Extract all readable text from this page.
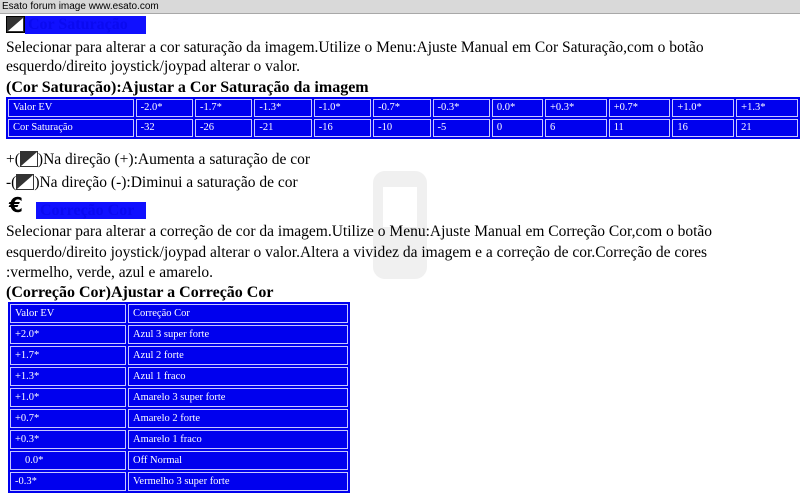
Esato forum image www.esato.com
Cor Saturação
Selecionar para alterar a cor saturação da imagem.Utilize o Menu:Ajuste Manual em Cor Saturação,com o botão
esquerdo/direito joystick/joypad alterar o valor.
(Cor Saturação):Ajustar a Cor Saturação da imagem
Valor EV	-2.0*	-1.7*	-1.3*	-1.0*	-0.7*	-0.3*	0.0*	+0.3*	+0.7*	+1.0*	+1.3*
Cor Saturação	-32	-26	-21	-16	-10	-5	0	6	11	16	21
+( )Na direção (+):Aumenta a saturação de cor
-( )Na direção (-):Diminui a saturação de cor
€	Correção Cor
Selecionar para alterar a correção de cor da imagem.Utilize o Menu:Ajuste Manual em Correção Cor,com o botão
esquerdo/direito joystick/joypad alterar o valor.Altera a vividez da imagem e a correção de cor.Correção de cores
:vermelho, verde, azul e amarelo.
(Correção Cor)Ajustar a Correção Cor
Valor EV	Correção Cor
+2.0*	Azul 3 super forte
+1.7*	Azul 2 forte
+1.3*	Azul 1 fraco
+1.0*	Amarelo 3 super forte
+0.7*	Amarelo 2 forte
+0.3*	Amarelo 1 fraco
0.0*	Off Normal
-0.3*	Vermelho 3 super forte
